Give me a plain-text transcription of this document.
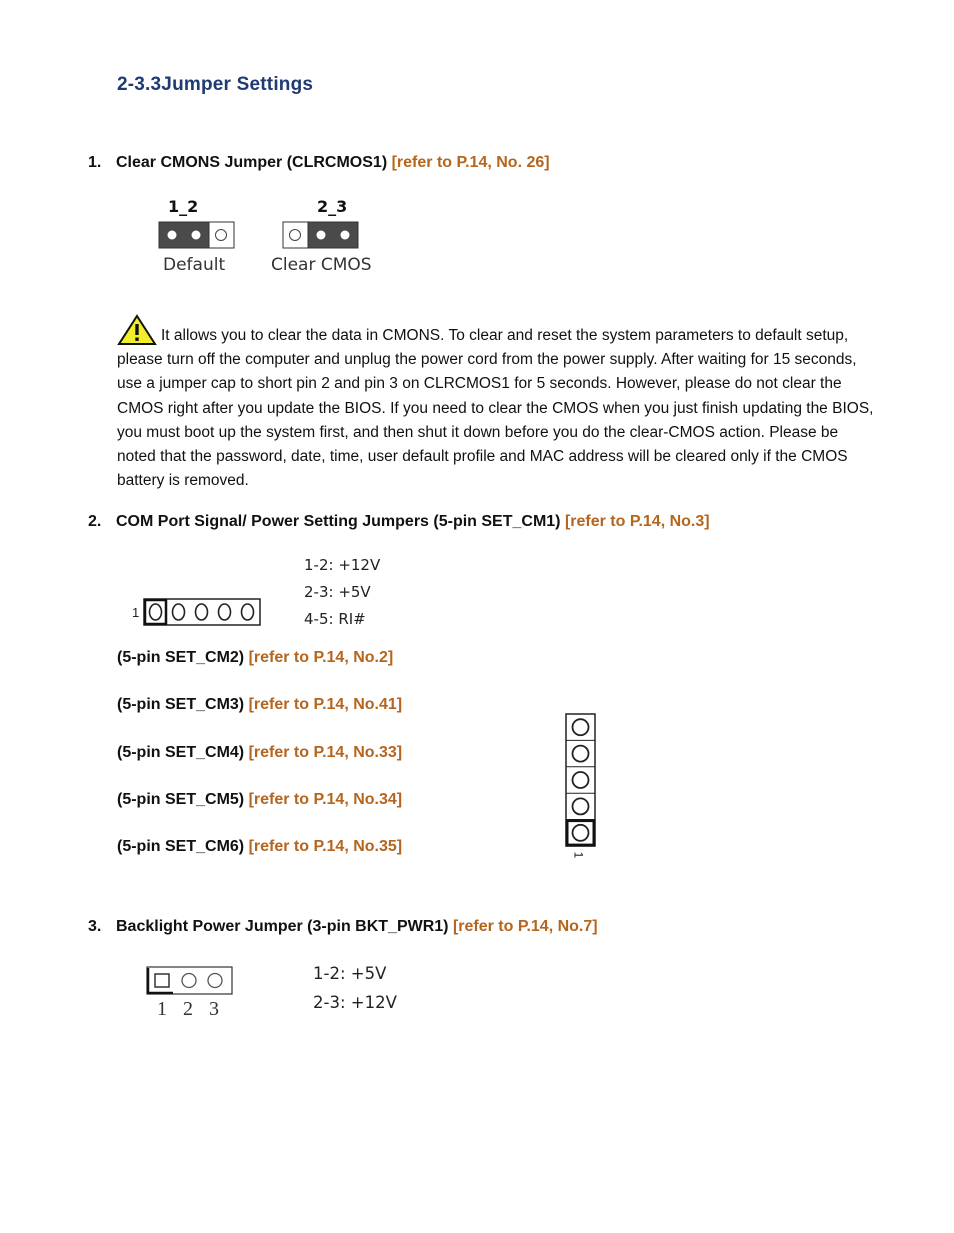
2-3.3Jumper Settings
1. Clear CMONS Jumper (CLRCMOS1) [refer to P.14, No. 26]
1_2	2_3
Default	Clear CMOS
It allows you to clear the data in CMONS. To clear and reset the system parameters to default setup, please turn off the computer and unplug the power cord from the power supply. After waiting for 15 seconds, use a jumper cap to short pin 2 and pin 3 on CLRCMOS1 for 5 seconds. However, please do not clear the CMOS right after you update the BIOS. If you need to clear the CMOS when you just finish updating the BIOS, you must boot up the system first, and then shut it down before you do the clear-CMOS action. Please be noted that the password, date, time, user default profile and MAC address will be cleared only if the CMOS battery is removed.
2. COM Port Signal/ Power Setting Jumpers (5-pin SET_CM1) [refer to P.14, No.3]
1
1-2: +12V
2-3: +5V
4-5: RI#
(5-pin SET_CM2) [refer to P.14, No.2]
(5-pin SET_CM3) [refer to P.14, No.41]
(5-pin SET_CM4) [refer to P.14, No.33]
(5-pin SET_CM5) [refer to P.14, No.34]
(5-pin SET_CM6) [refer to P.14, No.35]	1
3. Backlight Power Jumper (3-pin BKT_PWR1) [refer to P.14, No.7]
1 2 3
1-2: +5V
2-3: +12V
